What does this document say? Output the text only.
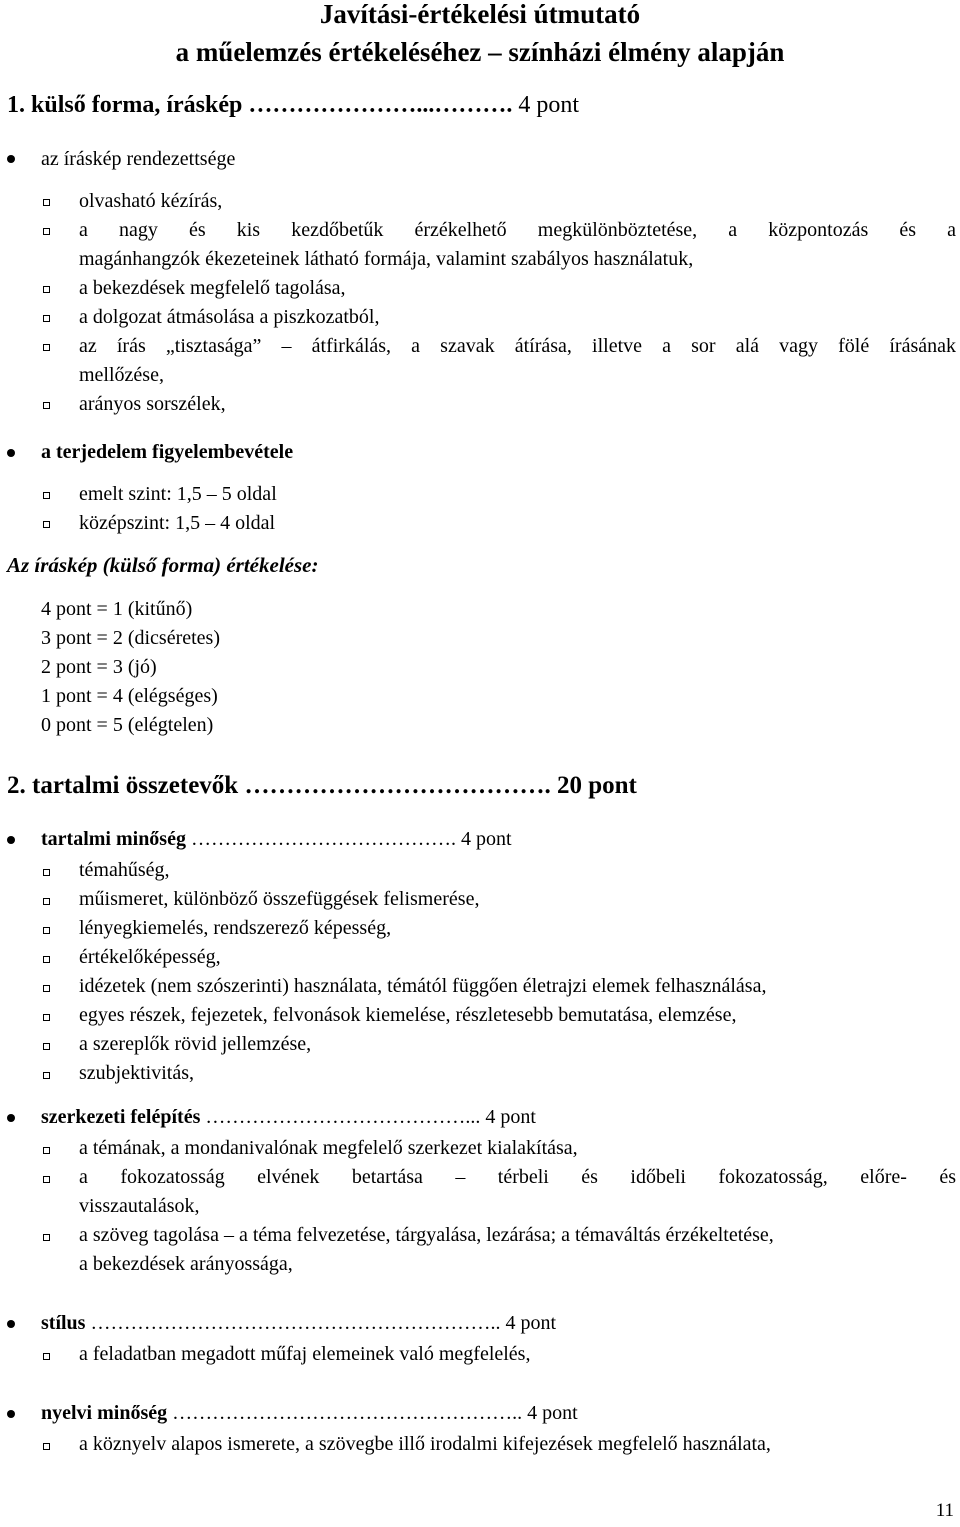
Javítási-értékelési útmutató
a műelemzés értékeléséhez – színházi élmény alapján
1. külső forma, íráskép …………………...………. 4 pont
az íráskép rendezettsége
olvasható kézírás,
a nagy és kis kezdőbetűk érzékelhető megkülönböztetése, a központozás és a
magánhangzók ékezeteinek látható formája, valamint szabályos használatuk,
a bekezdések megfelelő tagolása,
a dolgozat átmásolása a piszkozatból,
az írás „tisztasága” – átfirkálás, a szavak átírása, illetve a sor alá vagy fölé írásának
mellőzése,
arányos sorszélek,
a terjedelem figyelembevétele
emelt szint: 1,5 – 5 oldal
középszint: 1,5 – 4 oldal
Az íráskép (külső forma) értékelése:
4 pont = 1 (kitűnő)
3 pont = 2 (dicséretes)
2 pont = 3 (jó)
1 pont = 4 (elégséges)
0 pont = 5 (elégtelen)
2. tartalmi összetevők ………………………………. 20 pont
tartalmi minőség …………………………………. 4 pont
témahűség,
műismeret, különböző összefüggések felismerése,
lényegkiemelés, rendszerező képesség,
értékelőképesség,
idézetek (nem szószerinti) használata, témától függően életrajzi elemek felhasználása,
egyes részek, fejezetek, felvonások kiemelése, részletesebb bemutatása, elemzése,
a szereplők rövid jellemzése,
szubjektivitás,
szerkezeti felépítés …………………………………... 4 pont
a témának, a mondanivalónak megfelelő szerkezet kialakítása,
a fokozatosság elvének betartása – térbeli és időbeli fokozatosság, előre- és
visszautalások,
a szöveg tagolása – a téma felvezetése, tárgyalása, lezárása; a témaváltás érzékeltetése,
a bekezdések arányossága,
stílus …………………………………………………….. 4 pont
a feladatban megadott műfaj elemeinek való megfelelés,
nyelvi minőség …………………………………………….. 4 pont
a köznyelv alapos ismerete, a szövegbe illő irodalmi kifejezések megfelelő használata,
11
